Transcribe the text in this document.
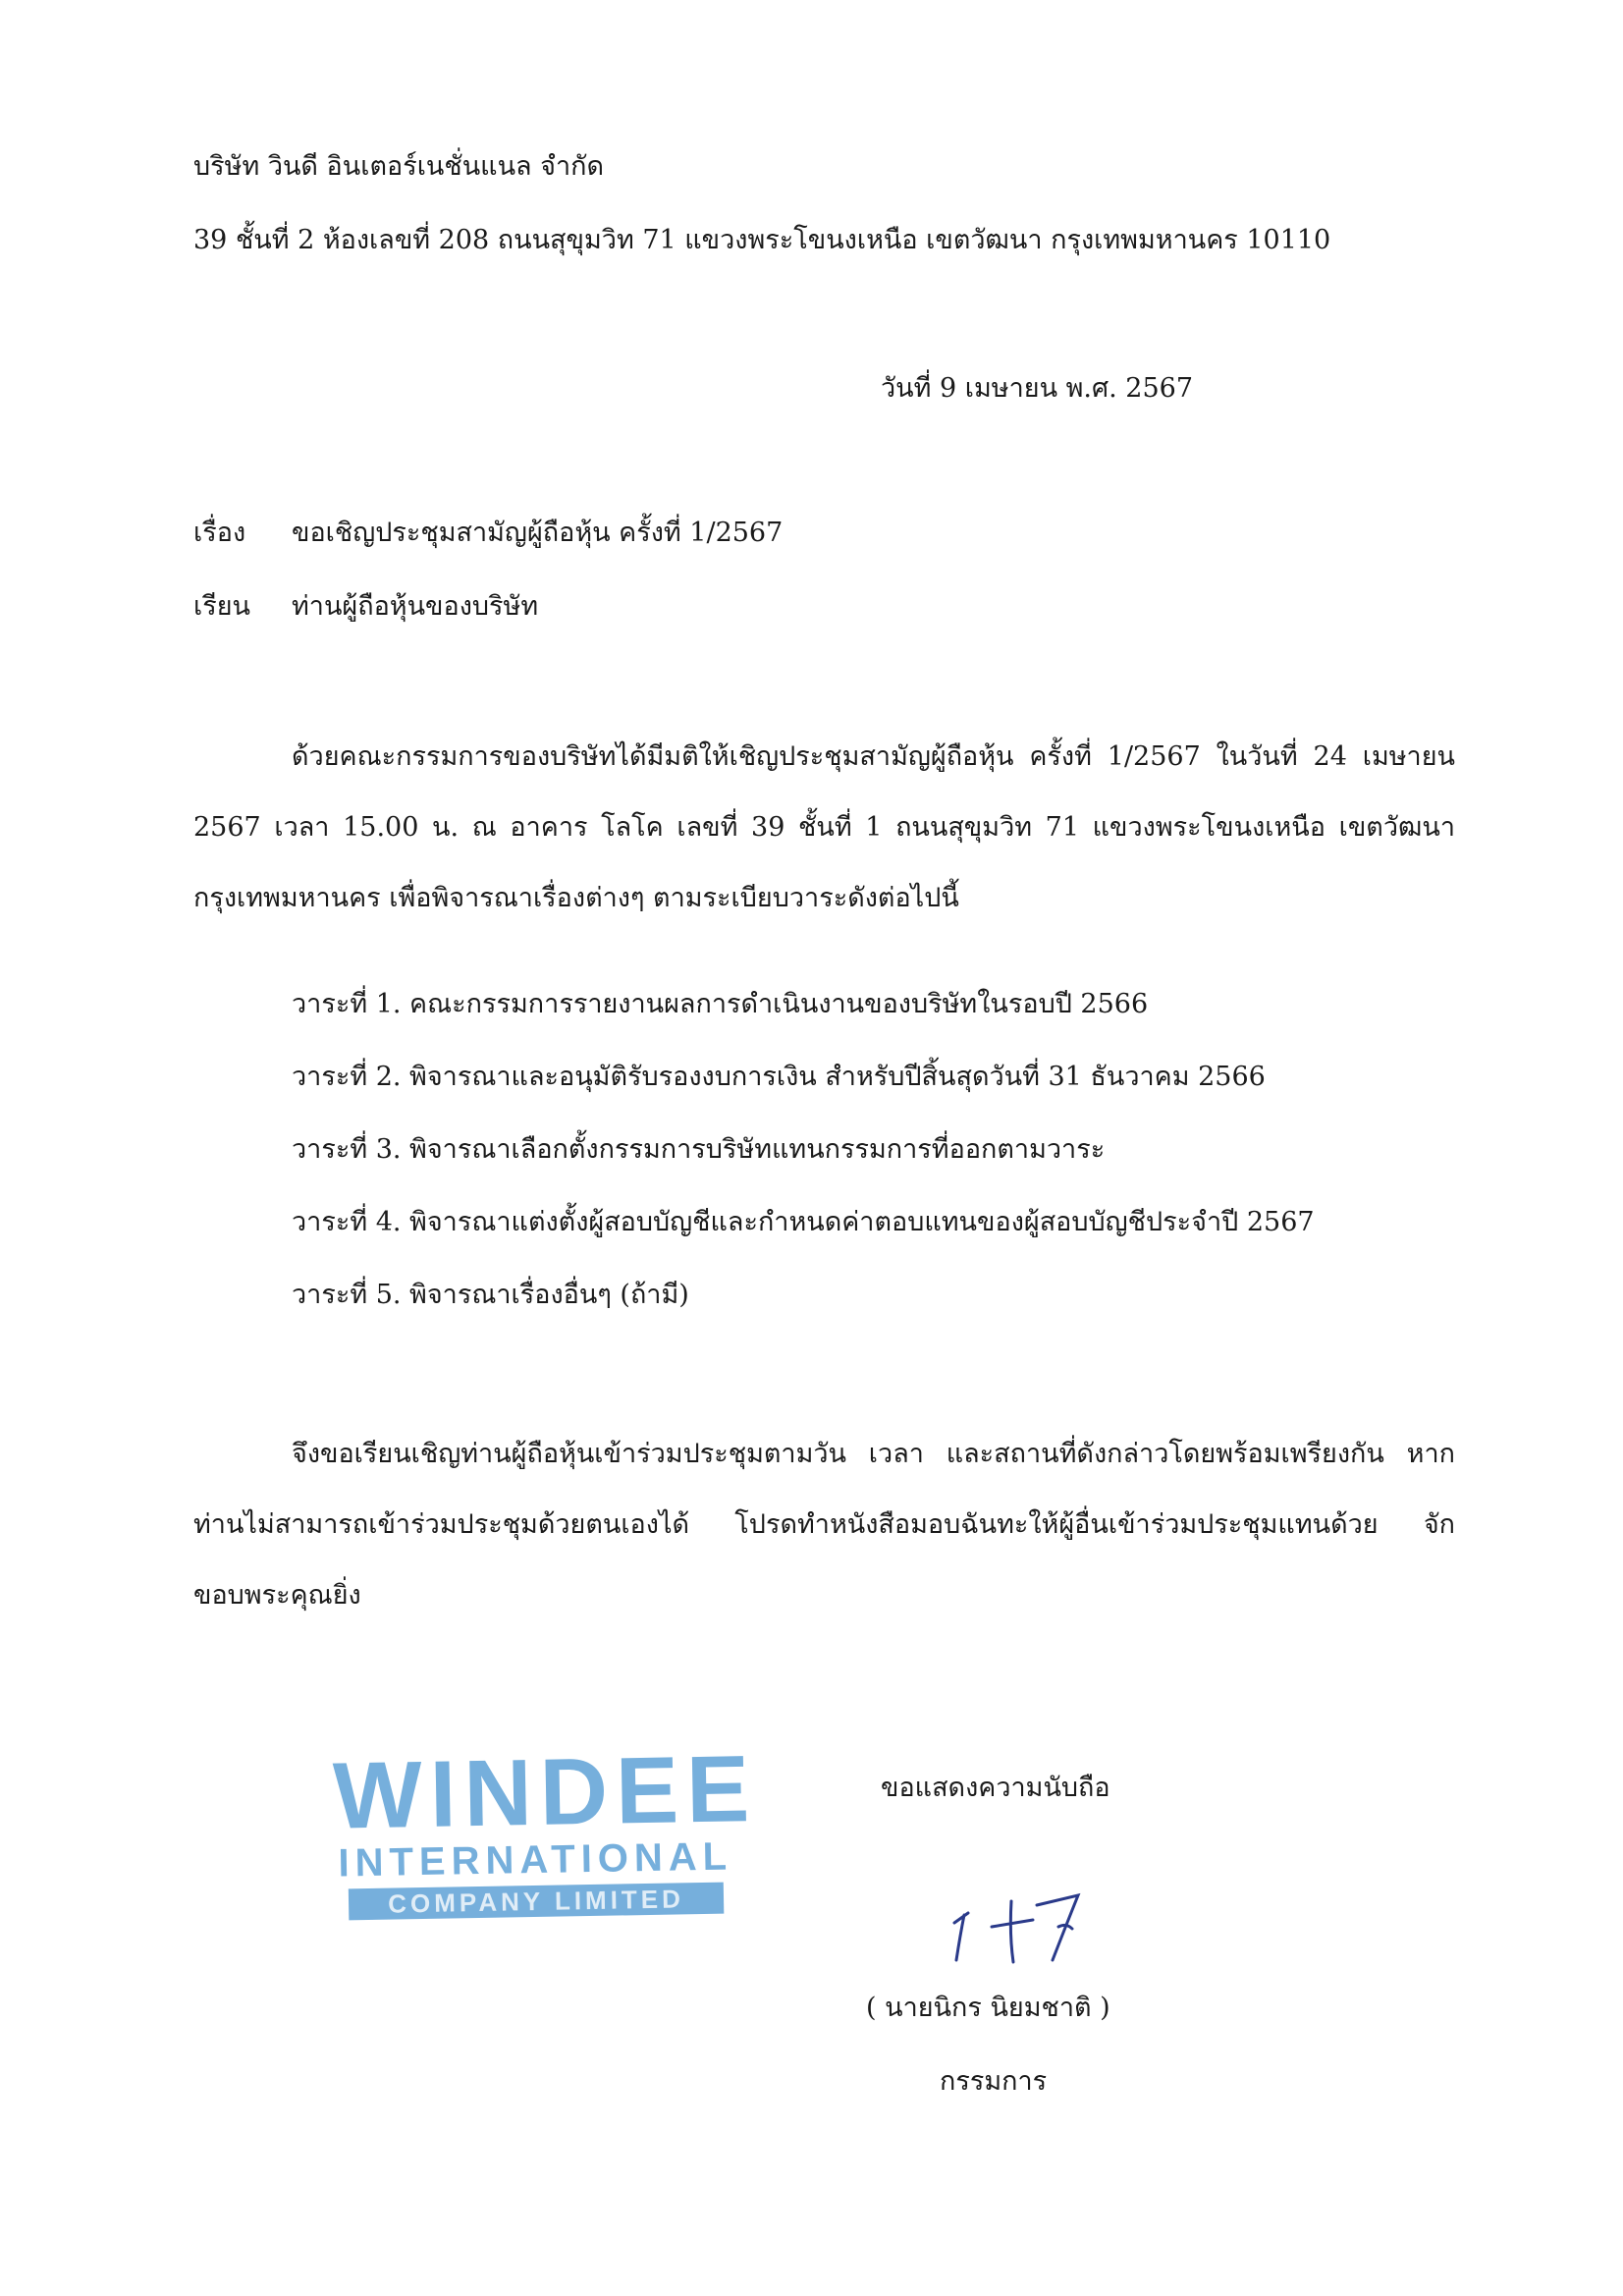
บริษัท วินดี อินเตอร์เนชั่นแนล จำกัด
39 ชั้นที่ 2 ห้องเลขที่ 208 ถนนสุขุมวิท 71 แขวงพระโขนงเหนือ เขตวัฒนา กรุงเทพมหานคร 10110
วันที่ 9 เมษายน พ.ศ. 2567
เรื่อง ขอเชิญประชุมสามัญผู้ถือหุ้น ครั้งที่ 1/2567
เรียน ท่านผู้ถือหุ้นของบริษัท

ด้วยคณะกรรมการของบริษัทได้มีมติให้เชิญประชุมสามัญผู้ถือหุ้น ครั้งที่ 1/2567 ในวันที่ 24 เมษายน 2567 เวลา 15.00 น. ณ อาคาร โลโค เลขที่ 39 ชั้นที่ 1 ถนนสุขุมวิท 71 แขวงพระโขนงเหนือ เขตวัฒนา กรุงเทพมหานคร เพื่อพิจารณาเรื่องต่างๆ ตามระเบียบวาระดังต่อไปนี้

วาระที่ 1. คณะกรรมการรายงานผลการดำเนินงานของบริษัทในรอบปี 2566
วาระที่ 2. พิจารณาและอนุมัติรับรองงบการเงิน สำหรับปีสิ้นสุดวันที่ 31 ธันวาคม 2566
วาระที่ 3. พิจารณาเลือกตั้งกรรมการบริษัทแทนกรรมการที่ออกตามวาระ
วาระที่ 4. พิจารณาแต่งตั้งผู้สอบบัญชีและกำหนดค่าตอบแทนของผู้สอบบัญชีประจำปี 2567
วาระที่ 5. พิจารณาเรื่องอื่นๆ (ถ้ามี)

จึงขอเรียนเชิญท่านผู้ถือหุ้นเข้าร่วมประชุมตามวัน เวลา และสถานที่ดังกล่าวโดยพร้อมเพรียงกัน หากท่านไม่สามารถเข้าร่วมประชุมด้วยตนเองได้ โปรดทำหนังสือมอบฉันทะให้ผู้อื่นเข้าร่วมประชุมแทนด้วย จักขอบพระคุณยิ่ง

WINDEE
INTERNATIONAL
COMPANY LIMITED
ขอแสดงความนับถือ
( นายนิกร นิยมชาติ )
กรรมการ
